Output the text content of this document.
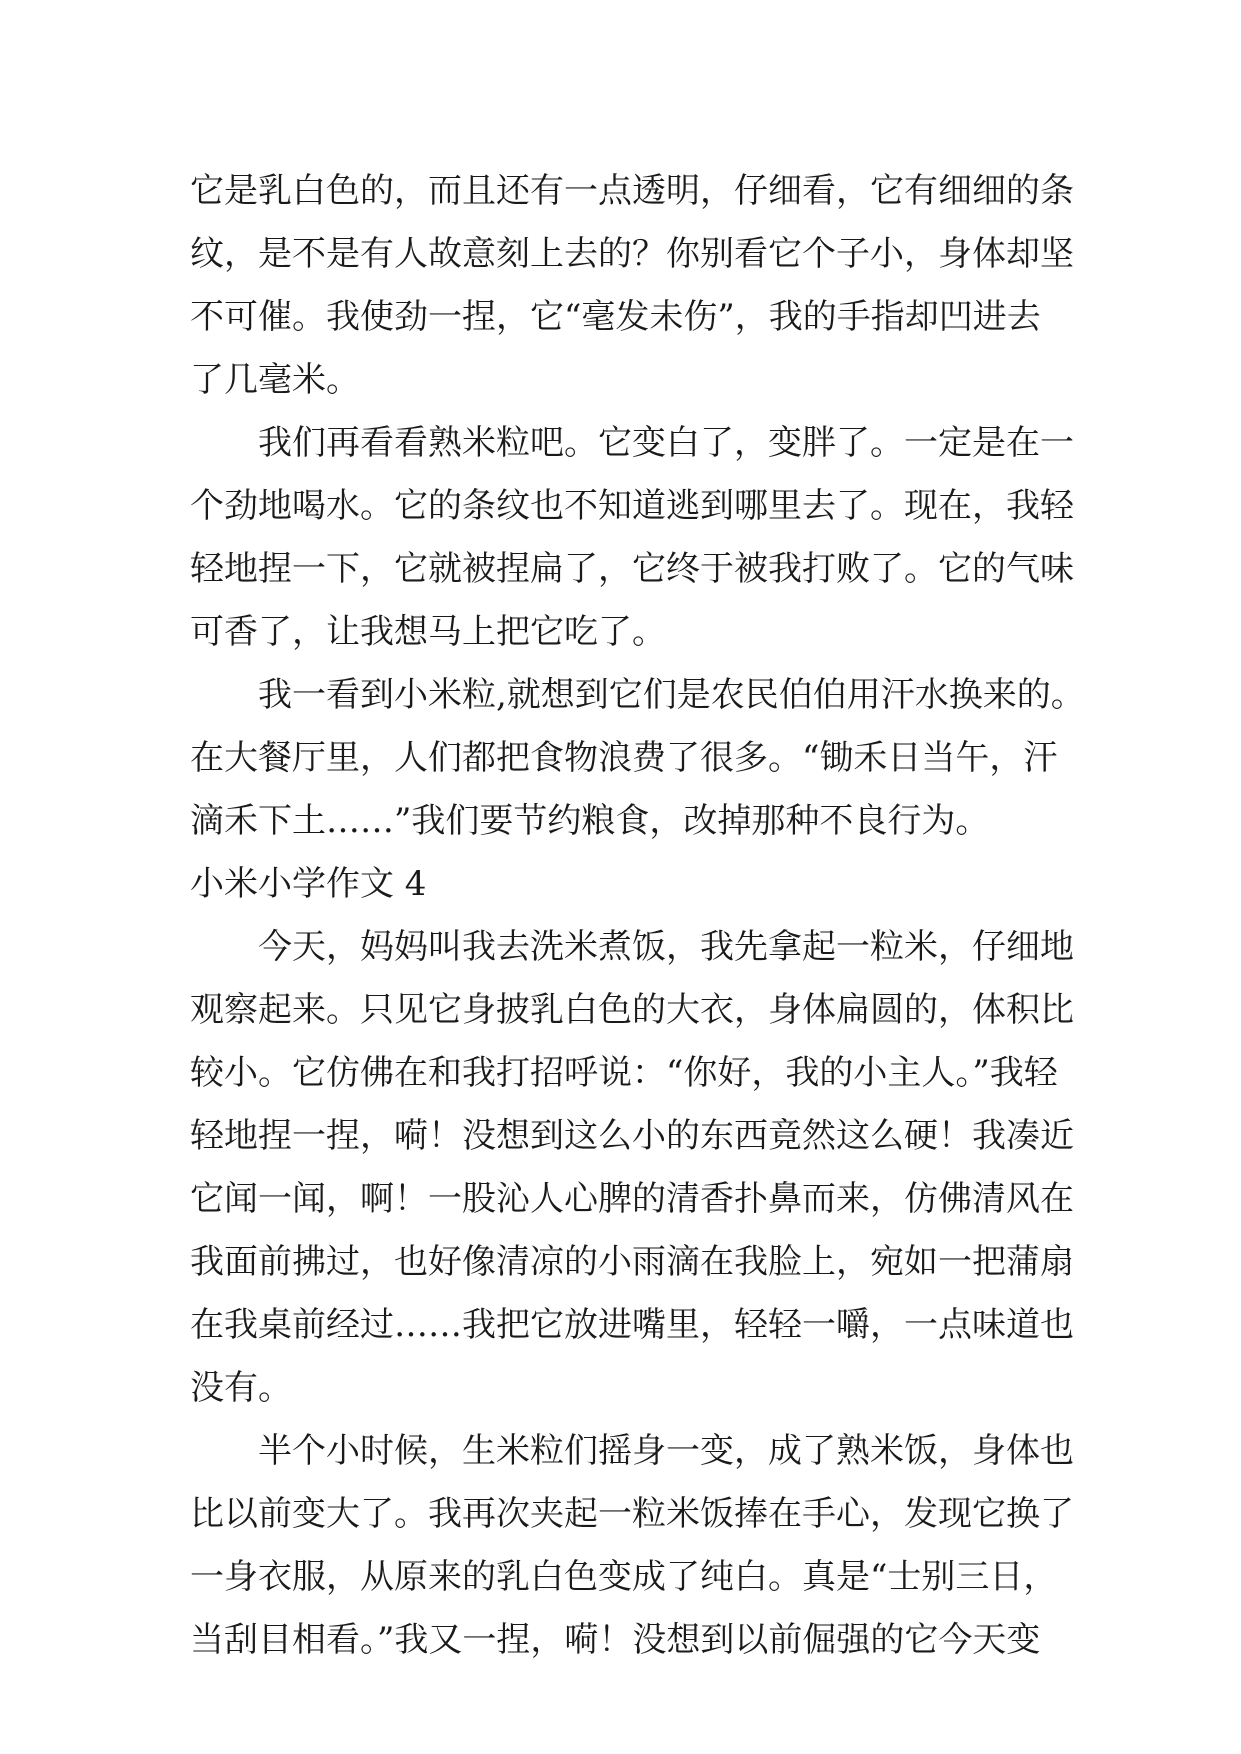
它是乳白色的，而且还有一点透明，仔细看，它有细细的条
纹，是不是有人故意刻上去的？你别看它个子小，身体却坚
不可催。我使劲一捏，它“毫发未伤”，我的手指却凹进去
了几毫米。

我们再看看熟米粒吧。它变白了，变胖了。一定是在一
个劲地喝水。它的条纹也不知道逃到哪里去了。现在，我轻
轻地捏一下，它就被捏扁了，它终于被我打败了。它的气味
可香了，让我想马上把它吃了。

我一看到小米粒,就想到它们是农民伯伯用汗水换来的。
在大餐厅里，人们都把食物浪费了很多。“锄禾日当午，汗
滴禾下土……”我们要节约粮食，改掉那种不良行为。

小米小学作文 4

今天，妈妈叫我去洗米煮饭，我先拿起一粒米，仔细地
观察起来。只见它身披乳白色的大衣，身体扁圆的，体积比
较小。它仿佛在和我打招呼说：“你好，我的小主人。”我轻
轻地捏一捏，嗬！没想到这么小的东西竟然这么硬！我凑近
它闻一闻，啊！一股沁人心脾的清香扑鼻而来，仿佛清风在
我面前拂过，也好像清凉的小雨滴在我脸上，宛如一把蒲扇
在我桌前经过……我把它放进嘴里，轻轻一嚼，一点味道也
没有。

半个小时候，生米粒们摇身一变，成了熟米饭，身体也
比以前变大了。我再次夹起一粒米饭捧在手心，发现它换了
一身衣服，从原来的乳白色变成了纯白。真是“士别三日，
当刮目相看。”我又一捏，嗬！没想到以前倔强的它今天变
